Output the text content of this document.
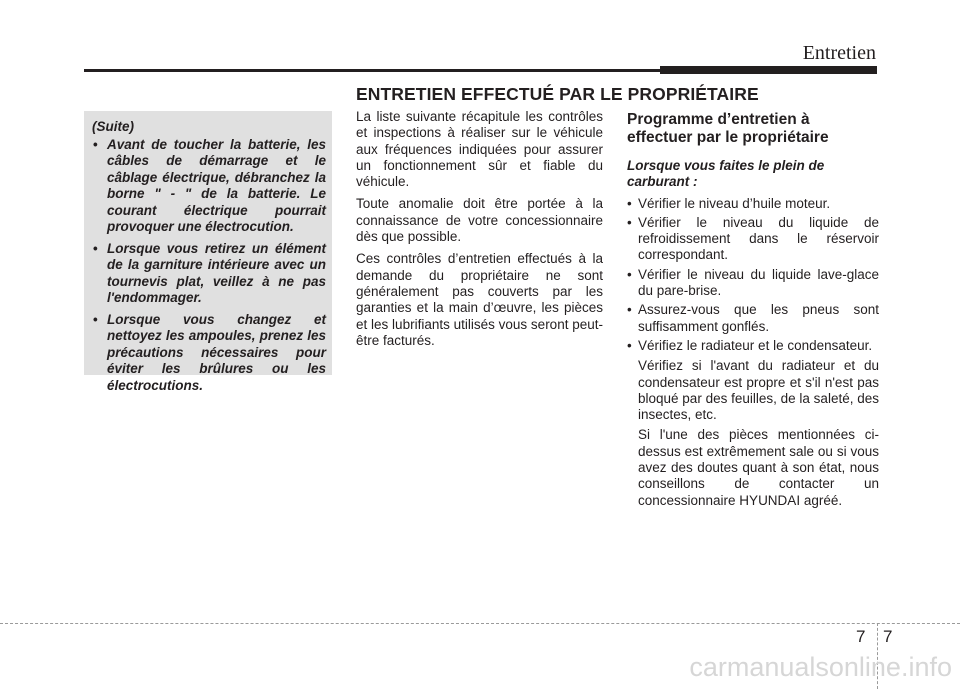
Entretien
ENTRETIEN EFFECTUÉ PAR LE PROPRIÉTAIRE
(Suite)
• Avant de toucher la batterie, les câbles de démarrage et le câblage électrique, débranchez la borne " - " de la batterie. Le courant électrique pourrait provoquer une électrocution.
• Lorsque vous retirez un élément de la garniture intérieure avec un tournevis plat, veillez à ne pas l'endommager.
• Lorsque vous changez et nettoyez les ampoules, prenez les précautions nécessaires pour éviter les brûlures ou les électrocutions.

La liste suivante récapitule les contrôles et inspections à réaliser sur le véhicule aux fréquences indiquées pour assurer un fonctionnement sûr et fiable du véhicule.

Toute anomalie doit être portée à la connaissance de votre concessionnaire dès que possible.

Ces contrôles d’entretien effectués à la demande du propriétaire ne sont généralement pas couverts par les garanties et la main d’œuvre, les pièces et les lubrifiants utilisés vous seront peut-être facturés.

Programme d’entretien à effectuer par le propriétaire
Lorsque vous faites le plein de carburant :
• Vérifier le niveau d’huile moteur.
• Vérifier le niveau du liquide de refroidissement dans le réservoir correspondant.
• Vérifier le niveau du liquide lave-glace du pare-brise.
• Assurez-vous que les pneus sont suffisamment gonflés.
• Vérifiez le radiateur et le condensateur.
Vérifiez si l'avant du radiateur et du condensateur est propre et s'il n'est pas bloqué par des feuilles, de la saleté, des insectes, etc.
Si l'une des pièces mentionnées ci-dessus est extrêmement sale ou si vous avez des doutes quant à son état, nous conseillons de contacter un concessionnaire HYUNDAI agréé.
7 7
carmanualsonline.info
